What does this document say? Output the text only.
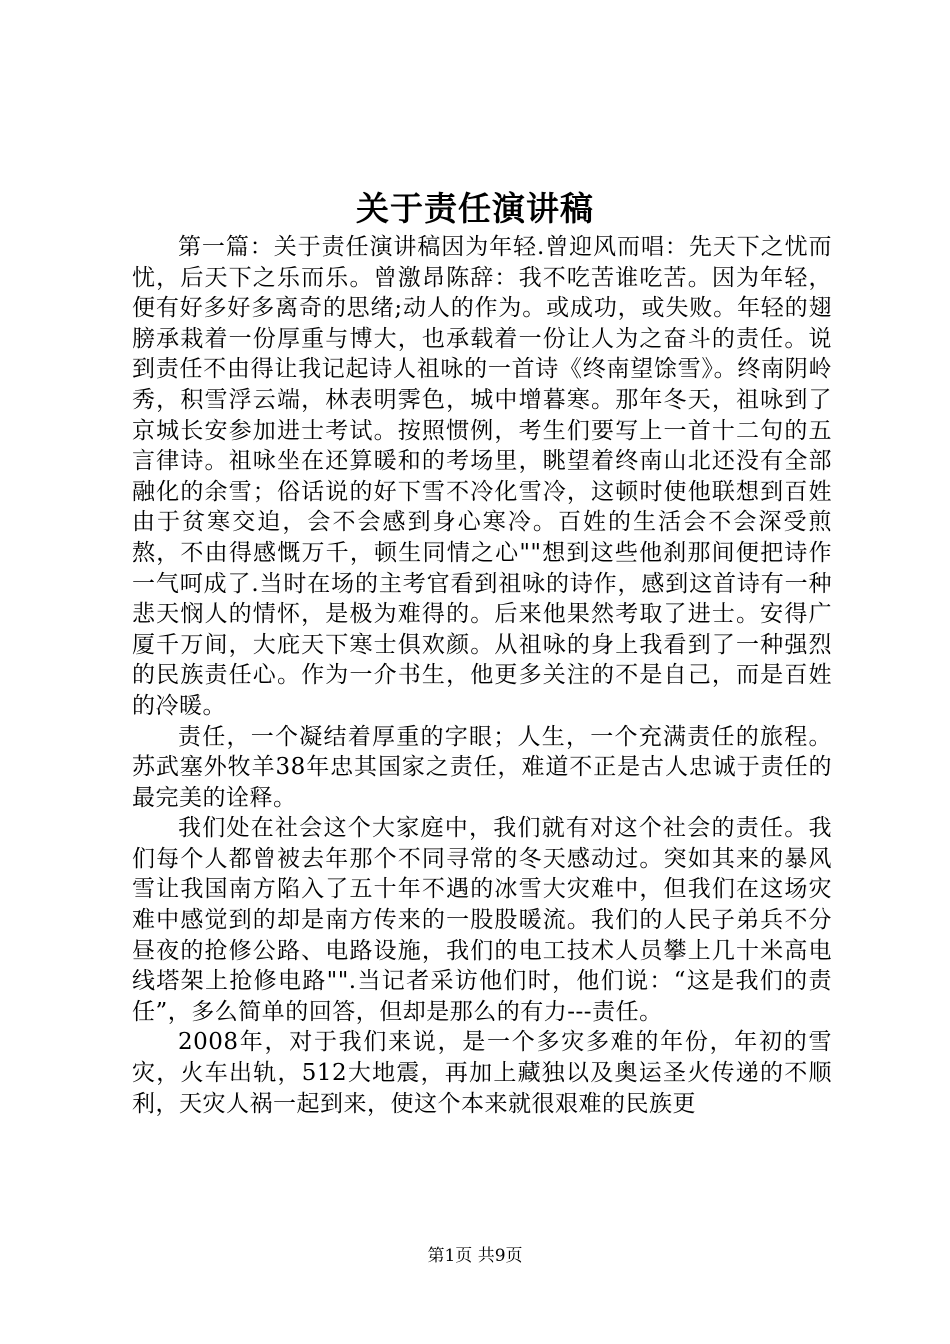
关于责任演讲稿

第一篇：关于责任演讲稿因为年轻.曾迎风而唱：先天下之忧而忧，后天下之乐而乐。曾激昂陈辞：我不吃苦谁吃苦。因为年轻，便有好多好多离奇的思绪;动人的作为。或成功，或失败。年轻的翅膀承栽着一份厚重与博大，也承载着一份让人为之奋斗的责任。说到责任不由得让我记起诗人祖咏的一首诗《终南望馀雪》。终南阴岭秀，积雪浮云端，林表明霁色，城中增暮寒。那年冬天，祖咏到了京城长安参加进士考试。按照惯例，考生们要写上一首十二句的五言律诗。祖咏坐在还算暖和的考场里，眺望着终南山北还没有全部融化的余雪；俗话说的好下雪不冷化雪冷，这顿时使他联想到百姓由于贫寒交迫，会不会感到身心寒冷。百姓的生活会不会深受煎熬，不由得感慨万千，顿生同情之心""想到这些他刹那间便把诗作一气呵成了.当时在场的主考官看到祖咏的诗作，感到这首诗有一种悲天悯人的情怀，是极为难得的。后来他果然考取了进士。安得广厦千万间，大庇天下寒士俱欢颜。从祖咏的身上我看到了一种强烈的民族责任心。作为一介书生，他更多关注的不是自己，而是百姓的冷暖。

责任，一个凝结着厚重的字眼；人生，一个充满责任的旅程。苏武塞外牧羊38年忠其国家之责任，难道不正是古人忠诚于责任的最完美的诠释。

我们处在社会这个大家庭中，我们就有对这个社会的责任。我们每个人都曾被去年那个不同寻常的冬天感动过。突如其来的暴风雪让我国南方陷入了五十年不遇的冰雪大灾难中，但我们在这场灾难中感觉到的却是南方传来的一股股暖流。我们的人民子弟兵不分昼夜的抢修公路、电路设施，我们的电工技术人员攀上几十米高电线塔架上抢修电路"".当记者采访他们时，他们说：“这是我们的责任”，多么简单的回答，但却是那么的有力---责任。

2008年，对于我们来说，是一个多灾多难的年份，年初的雪灾，火车出轨，512大地震，再加上藏独以及奥运圣火传递的不顺利，天灾人祸一起到来，使这个本来就很艰难的民族更

第1页 共9页
